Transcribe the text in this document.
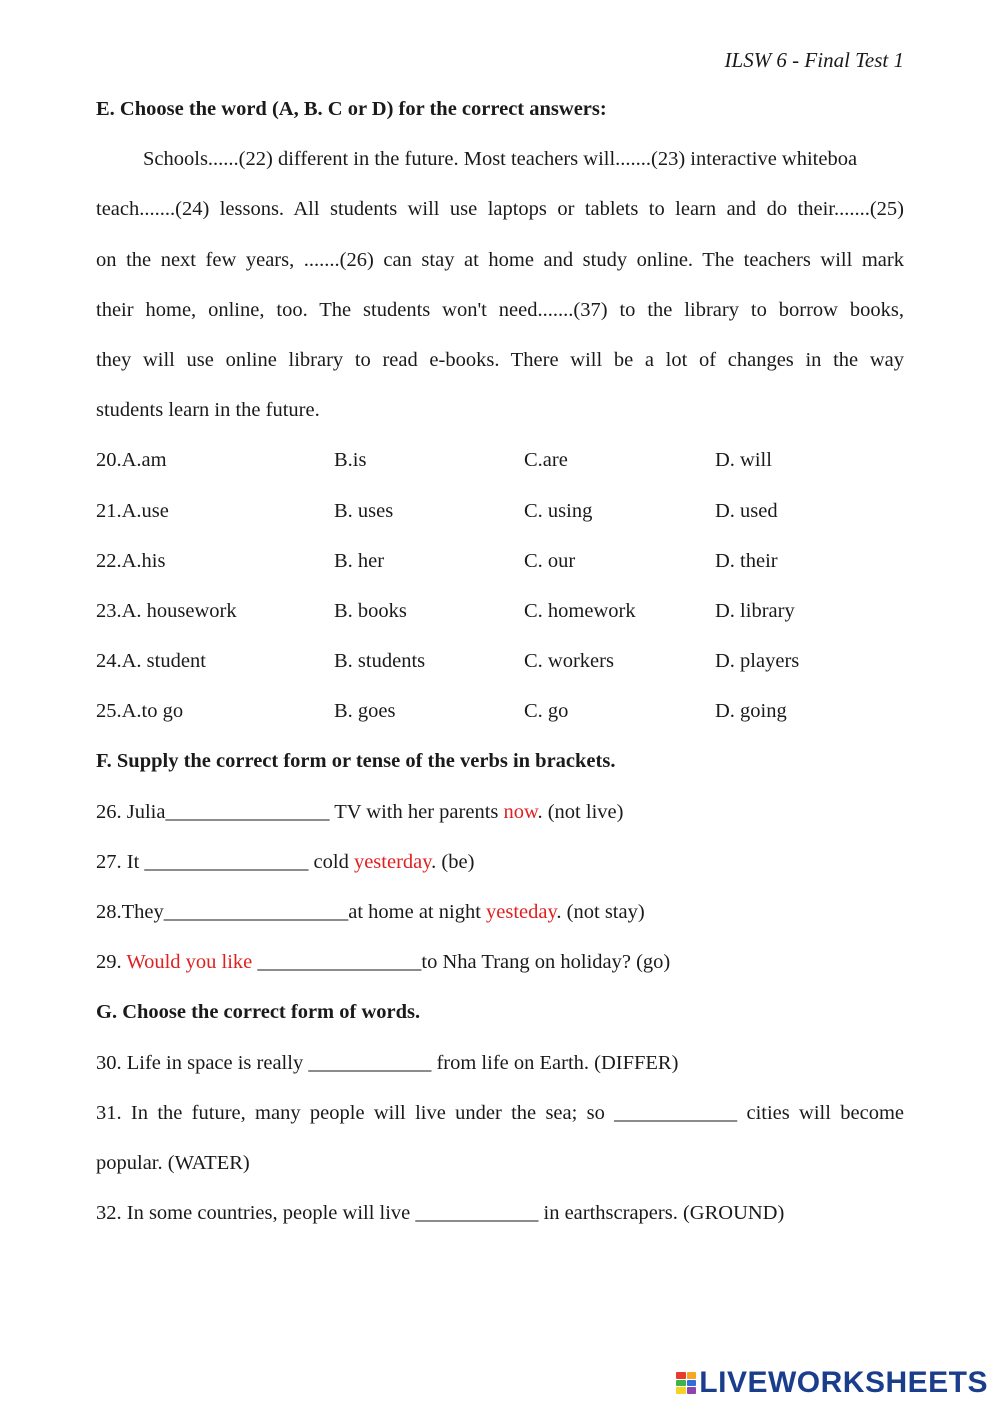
ILSW 6 - Final Test 1
E. Choose the word (A, B. C or D) for the correct answers:
Schools......(22) different in the future. Most teachers will.......(23) interactive whiteboa
teach.......(24) lessons. All students will use laptops or tablets to learn and do their.......(25)
on the next few years, .......(26) can stay at home and study online. The teachers will mark
their home, online, too. The students won't need.......(37) to the library to borrow books,
they will use online library to read e-books. There will be a lot of changes in the way
students learn in the future.
20.A.am	B.is	C.are	D. will
21.A.use	B. uses	C. using	D. used
22.A.his	B. her	C. our	D. their
23.A. housework	B. books	C. homework	D. library
24.A. student	B. students	C. workers	D. players
25.A.to go	B. goes	C. go	D. going
F. Supply the correct form or tense of the verbs in brackets.
26. Julia________________ TV with her parents now. (not live)
27. It ________________ cold yesterday. (be)
28.They__________________at home at night yesteday. (not stay)
29. Would you like ________________to Nha Trang on holiday? (go)
G. Choose the correct form of words.
30. Life in space is really ____________ from life on Earth. (DIFFER)
31. In the future, many people will live under the sea; so ____________ cities will become popular. (WATER)
32. In some countries, people will live ____________ in earthscrapers. (GROUND)
LIVEWORKSHEETS
